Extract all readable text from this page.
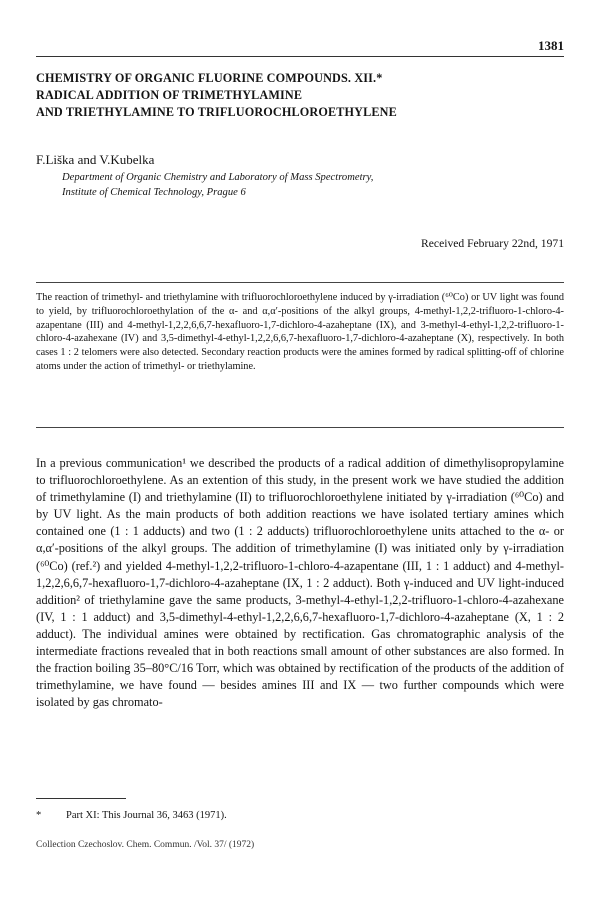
1381
CHEMISTRY OF ORGANIC FLUORINE COMPOUNDS. XII.*
RADICAL ADDITION OF TRIMETHYLAMINE
AND TRIETHYLAMINE TO TRIFLUOROCHLOROETHYLENE
F.Liška and V.Kubelka
Department of Organic Chemistry and Laboratory of Mass Spectrometry,
Institute of Chemical Technology, Prague 6
Received February 22nd, 1971
The reaction of trimethyl- and triethylamine with trifluorochloroethylene induced by γ-irradiation (⁶⁰Co) or UV light was found to yield, by trifluorochloroethylation of the α- and α,α′-positions of the alkyl groups, 4-methyl-1,2,2-trifluoro-1-chloro-4-azapentane (III) and 4-methyl-1,2,2,6,6,7-hexafluoro-1,7-dichloro-4-azaheptane (IX), and 3-methyl-4-ethyl-1,2,2-trifluoro-1-chloro-4-azahexane (IV) and 3,5-dimethyl-4-ethyl-1,2,2,6,6,7-hexafluoro-1,7-dichloro-4-azaheptane (X), respectively. In both cases 1 : 2 telomers were also detected. Secondary reaction products were the amines formed by radical splitting-off of chlorine atoms under the action of trimethyl- or triethylamine.
In a previous communication¹ we described the products of a radical addition of dimethylisopropylamine to trifluorochloroethylene. As an extention of this study, in the present work we have studied the addition of trimethylamine (I) and triethylamine (II) to trifluorochloroethylene initiated by γ-irradiation (⁶⁰Co) and by UV light. As the main products of both addition reactions we have isolated tertiary amines which contained one (1 : 1 adducts) and two (1 : 2 adducts) trifluorochloroethylene units attached to the α- or α,α′-positions of the alkyl groups. The addition of trimethylamine (I) was initiated only by γ-irradiation (⁶⁰Co) (ref.²) and yielded 4-methyl-1,2,2-trifluoro-1-chloro-4-azapentane (III, 1 : 1 adduct) and 4-methyl-1,2,2,6,6,7-hexafluoro-1,7-dichloro-4-azaheptane (IX, 1 : 2 adduct). Both γ-induced and UV light-induced addition² of triethylamine gave the same products, 3-methyl-4-ethyl-1,2,2-trifluoro-1-chloro-4-azahexane (IV, 1 : 1 adduct) and 3,5-dimethyl-4-ethyl-1,2,2,6,6,7-hexafluoro-1,7-dichloro-4-azaheptane (X, 1 : 2 adduct). The individual amines were obtained by rectification. Gas chromatographic analysis of the intermediate fractions revealed that in both reactions small amount of other substances are also formed. In the fraction boiling 35–80°C/16 Torr, which was obtained by rectification of the products of the addition of trimethylamine, we have found — besides amines III and IX — two further compounds which were isolated by gas chromato-
* Part XI: This Journal 36, 3463 (1971).
Collection Czechoslov. Chem. Commun. /Vol. 37/ (1972)
